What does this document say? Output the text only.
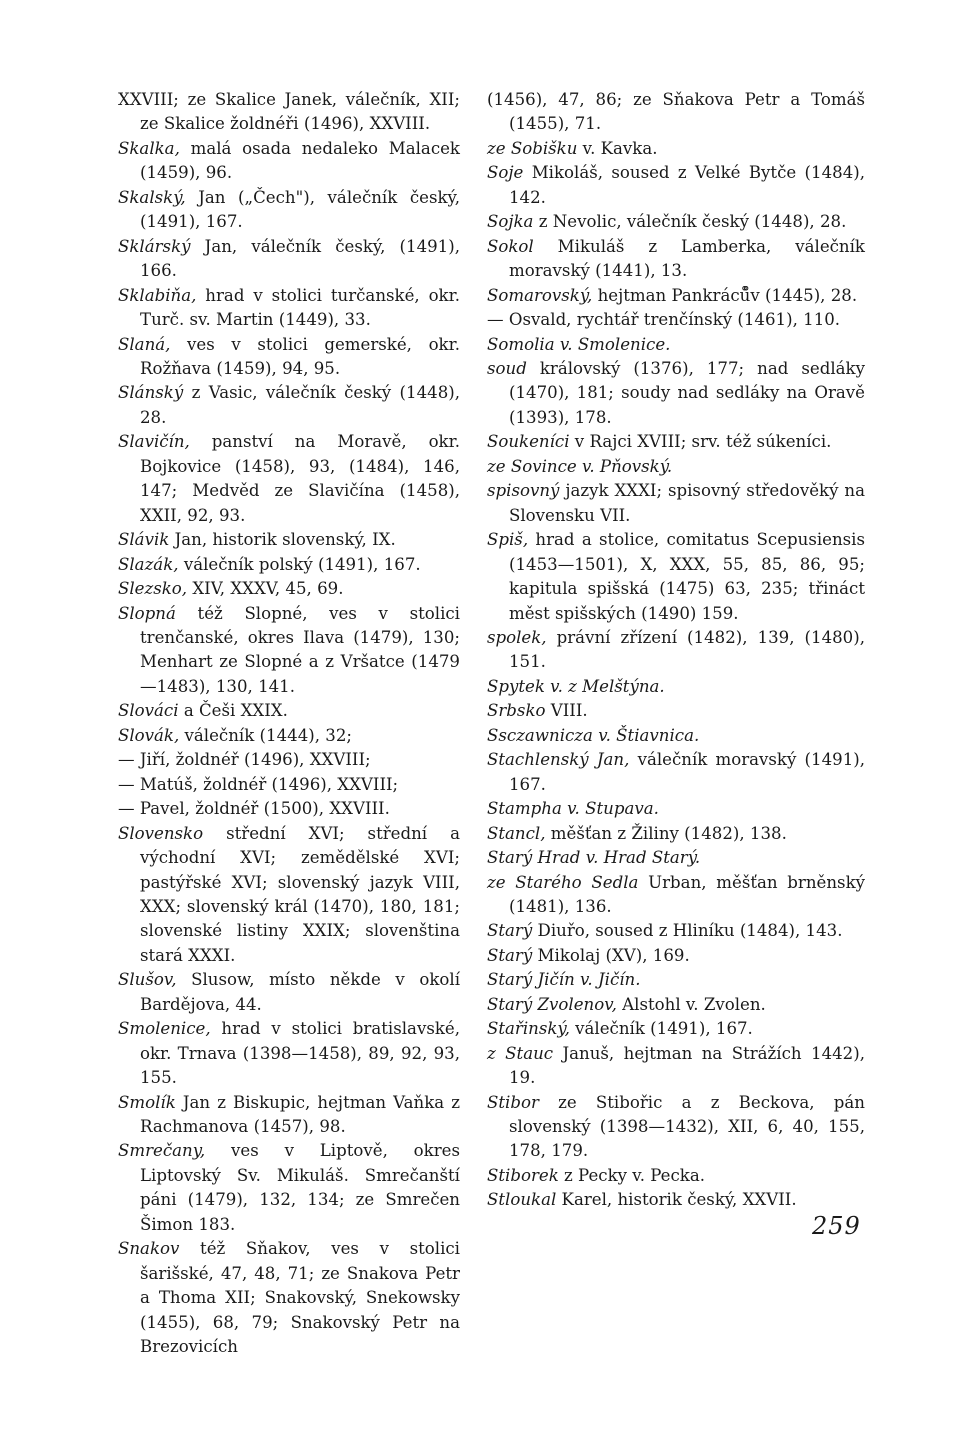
XXVIII; ze Skalice Janek, válečník, XII; ze Skalice žoldnéři (1496), XXVIII.

Skalka, malá osada nedaleko Malacek (1459), 96.

Skalský, Jan („Čech"), válečník český, (1491), 167.

Sklárský Jan, válečník český, (1491), 166.

Sklabiňa, hrad v stolici turčanské, okr. Turč. sv. Martin (1449), 33.

Slaná, ves v stolici gemerské, okr. Rožňava (1459), 94, 95.

Slánský z Vasic, válečník český (1448), 28.

Slavičín, panství na Moravě, okr. Bojkovice (1458), 93, (1484), 146, 147; Medvěd ze Slavičína (1458), XXII, 92, 93.

Slávik Jan, historik slovenský, IX.

Slazák, válečník polský (1491), 167.

Slezsko, XIV, XXXV, 45, 69.

Slopná též Slopné, ves v stolici trenčanské, okres Ilava (1479), 130; Menhart ze Slopné a z Vršatce (1479—1483), 130, 141.

Slováci a Češi XXIX.

Slovák, válečník (1444), 32;

— Jiří, žoldnéř (1496), XXVIII;

— Matúš, žoldnéř (1496), XXVIII;

— Pavel, žoldnéř (1500), XXVIII.

Slovensko střední XVI; střední a východní XVI; zemědělské XVI; pastýřské XVI; slovenský jazyk VIII, XXX; slovenský král (1470), 180, 181; slovenské listiny XXIX; slovenština stará XXXI.

Slušov, Slusow, místo někde v okolí Bardějova, 44.

Smolenice, hrad v stolici bratislavské, okr. Trnava (1398—1458), 89, 92, 93, 155.

Smolík Jan z Biskupic, hejtman Vaňka z Rachmanova (1457), 98.

Smrečany, ves v Liptově, okres Liptovský Sv. Mikuláš. Smrečanští páni (1479), 132, 134; ze Smrečen Šimon 183.

Snakov též Sňakov, ves v stolici šarišské, 47, 48, 71; ze Snakova Petr a Thoma XII; Snakovský, Snekowsky (1455), 68, 79; Snakovský Petr na Brezovicích

(1456), 47, 86; ze Sňakova Petr a Tomáš (1455), 71.

ze Sobišku v. Kavka.

Soje Mikoláš, soused z Velké Bytče (1484), 142.

Sojka z Nevolic, válečník český (1448), 28.

Sokol Mikuláš z Lamberka, válečník moravský (1441), 13.

Somarovský, hejtman Pankráců̊v (1445), 28.

— Osvald, rychtář trenčínský (1461), 110.

Somolia v. Smolenice.

soud královský (1376), 177; nad sedláky (1470), 181; soudy nad sedláky na Oravě (1393), 178.

Soukeníci v Rajci XVIII; srv. též súkeníci.

ze Sovince v. Pňovský.

spisovný jazyk XXXI; spisovný středověký na Slovensku VII.

Spiš, hrad a stolice, comitatus Scepusiensis (1453—1501), X, XXX, 55, 85, 86, 95; kapitula spišská (1475) 63, 235; třináct měst spišských (1490) 159.

spolek, právní zřízení (1482), 139, (1480), 151.

Spytek v. z Melštýna.

Srbsko VIII.

Ssczawnicza v. Štiavnica.

Stachlenský Jan, válečník moravský (1491), 167.

Stampha v. Stupava.

Stancl, měšťan z Žiliny (1482), 138.

Starý Hrad v. Hrad Starý.

ze Starého Sedla Urban, měšťan brněnský (1481), 136.

Starý Diuřo, soused z Hliníku (1484), 143.

Starý Mikolaj (XV), 169.

Starý Jičín v. Jičín.

Starý Zvolenov, Alstohl v. Zvolen.

Stařinský, válečník (1491), 167.

z Stauc Januš, hejtman na Strážích 1442), 19.

Stibor ze Stibořic a z Beckova, pán slovenský (1398—1432), XII, 6, 40, 155, 178, 179.

Stiborek z Pecky v. Pecka.

Stloukal Karel, historik český, XXVII.

259
